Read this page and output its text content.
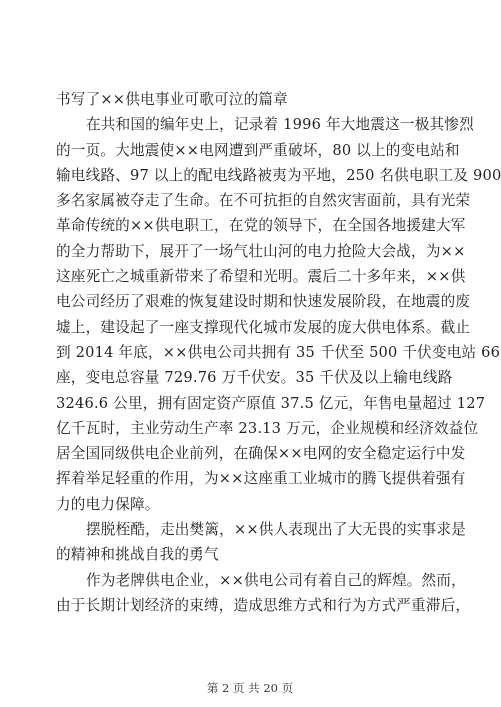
书写了××供电事业可歌可泣的篇章
在共和国的编年史上，记录着 1996 年大地震这一极其惨烈
的一页。大地震使××电网遭到严重破坏，80 以上的变电站和
输电线路、97 以上的配电线路被夷为平地，250 名供电职工及 900
多名家属被夺走了生命。在不可抗拒的自然灾害面前，具有光荣
革命传统的××供电职工，在党的领导下，在全国各地援建大军
的全力帮助下，展开了一场气壮山河的电力抢险大会战，为××
这座死亡之城重新带来了希望和光明。震后二十多年来，××供
电公司经历了艰难的恢复建设时期和快速发展阶段，在地震的废
墟上，建设起了一座支撑现代化城市发展的庞大供电体系。截止
到 2014 年底，××供电公司共拥有 35 千伏至 500 千伏变电站 66
座，变电总容量 729.76 万千伏安。35 千伏及以上输电线路
3246.6 公里，拥有固定资产原值 37.5 亿元，年售电量超过 127
亿千瓦时，主业劳动生产率 23.13 万元，企业规模和经济效益位
居全国同级供电企业前列，在确保××电网的安全稳定运行中发
挥着举足轻重的作用，为××这座重工业城市的腾飞提供着强有
力的电力保障。
摆脱桎酷，走出樊篱，××供人表现出了大无畏的实事求是
的精神和挑战自我的勇气
作为老牌供电企业，××供电公司有着自己的辉煌。然而，
由于长期计划经济的束缚，造成思维方式和行为方式严重滞后，
第 2 页 共 20 页
